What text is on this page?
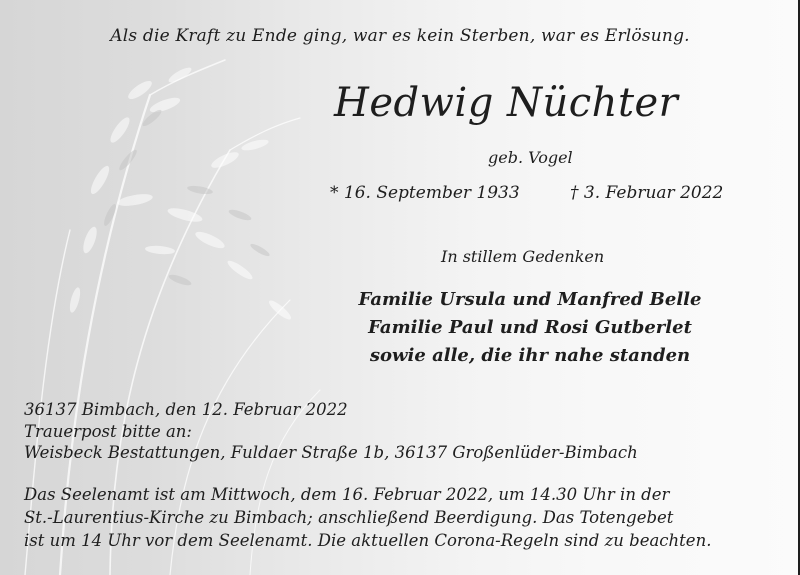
Als die Kraft zu Ende ging, war es kein Sterben, war es Erlösung.

Hedwig Nüchter

geb. Vogel

* 16. September 1933	† 3. Februar 2022

In stillem Gedenken

Familie Ursula und Manfred Belle
Familie Paul und Rosi Gutberlet
sowie alle, die ihr nahe standen
36137 Bimbach, den 12. Februar 2022
Trauerpost bitte an:
Weisbeck Bestattungen, Fuldaer Straße 1b, 36137 Großenlüder-Bimbach
Das Seelenamt ist am Mittwoch, dem 16. Februar 2022, um 14.30 Uhr in der
St.-Laurentius-Kirche zu Bimbach; anschließend Beerdigung. Das Totengebet
ist um 14 Uhr vor dem Seelenamt. Die aktuellen Corona-Regeln sind zu beachten.
